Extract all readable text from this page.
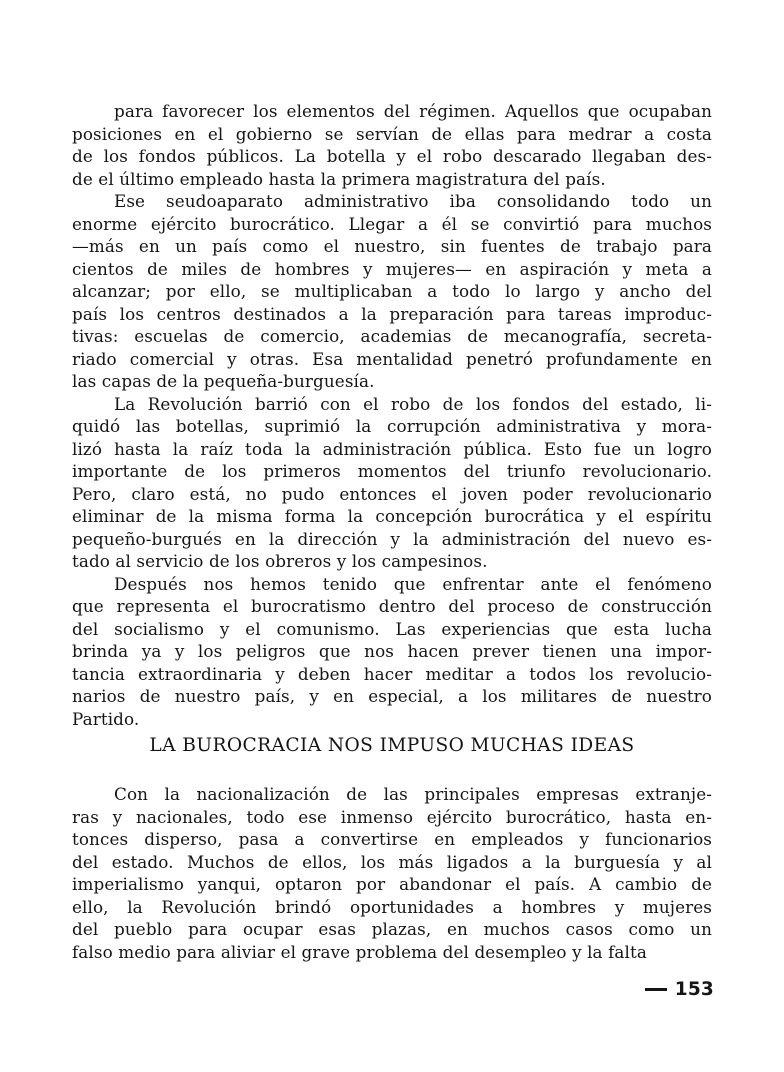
para favorecer los elementos del régimen. Aquellos que ocupaban
posiciones en el gobierno se servían de ellas para medrar a costa
de los fondos públicos. La botella y el robo descarado llegaban des-
de el último empleado hasta la primera magistratura del país.
Ese seudoaparato administrativo iba consolidando todo un
enorme ejército burocrático. Llegar a él se convirtió para muchos
—más en un país como el nuestro, sin fuentes de trabajo para
cientos de miles de hombres y mujeres— en aspiración y meta a
alcanzar; por ello, se multiplicaban a todo lo largo y ancho del
país los centros destinados a la preparación para tareas improduc-
tivas: escuelas de comercio, academias de mecanografía, secreta-
riado comercial y otras. Esa mentalidad penetró profundamente en
las capas de la pequeña-burguesía.
La Revolución barrió con el robo de los fondos del estado, li-
quidó las botellas, suprimió la corrupción administrativa y mora-
lizó hasta la raíz toda la administración pública. Esto fue un logro
importante de los primeros momentos del triunfo revolucionario.
Pero, claro está, no pudo entonces el joven poder revolucionario
eliminar de la misma forma la concepción burocrática y el espíritu
pequeño-burgués en la dirección y la administración del nuevo es-
tado al servicio de los obreros y los campesinos.
Después nos hemos tenido que enfrentar ante el fenómeno
que representa el burocratismo dentro del proceso de construcción
del socialismo y el comunismo. Las experiencias que esta lucha
brinda ya y los peligros que nos hacen prever tienen una impor-
tancia extraordinaria y deben hacer meditar a todos los revolucio-
narios de nuestro país, y en especial, a los militares de nuestro
Partido.
LA BUROCRACIA NOS IMPUSO MUCHAS IDEAS
Con la nacionalización de las principales empresas extranje-
ras y nacionales, todo ese inmenso ejército burocrático, hasta en-
tonces disperso, pasa a convertirse en empleados y funcionarios
del estado. Muchos de ellos, los más ligados a la burguesía y al
imperialismo yanqui, optaron por abandonar el país. A cambio de
ello, la Revolución brindó oportunidades a hombres y mujeres
del pueblo para ocupar esas plazas, en muchos casos como un
falso medio para aliviar el grave problema del desempleo y la falta
153
